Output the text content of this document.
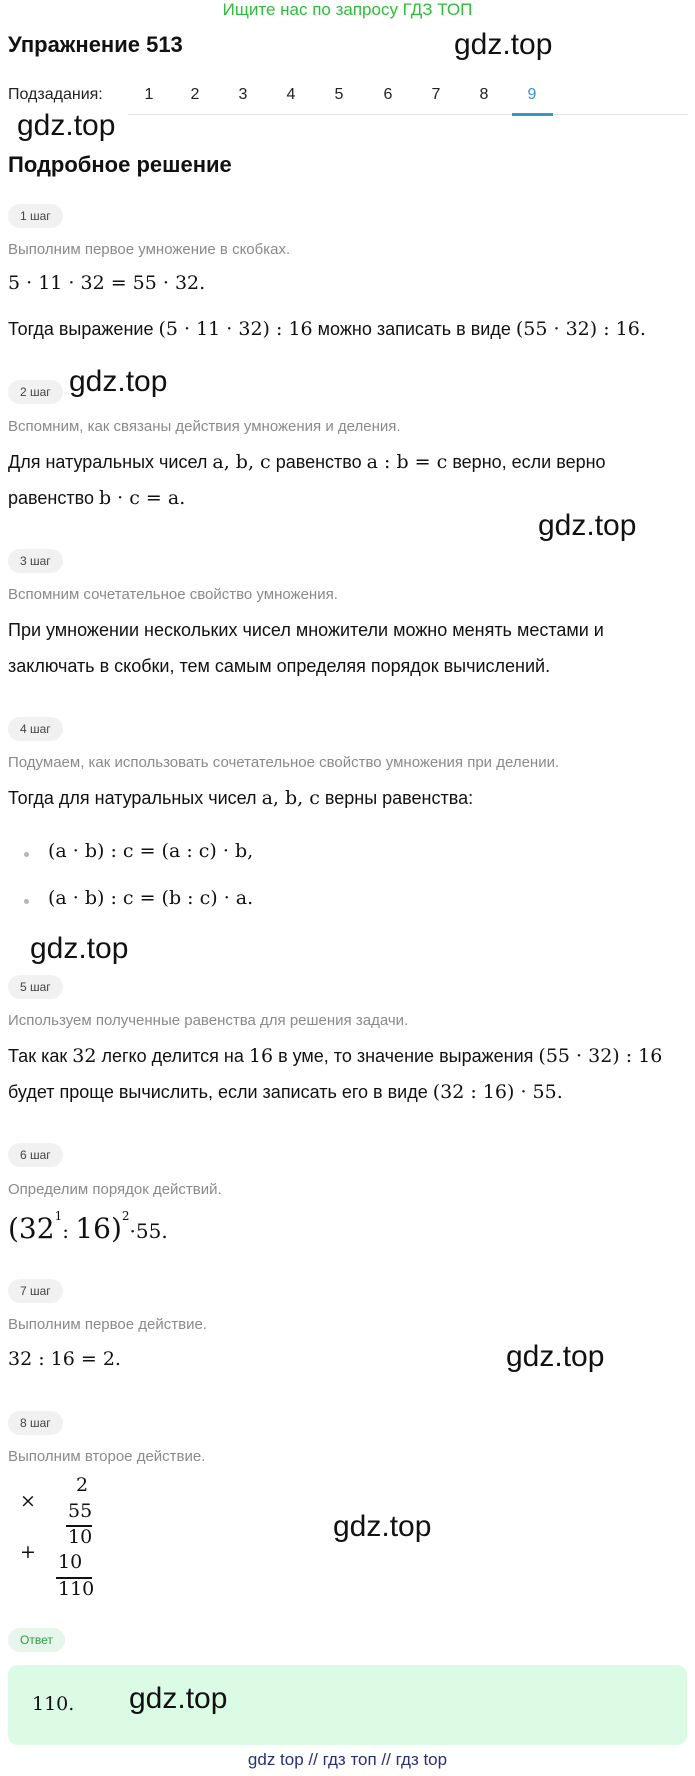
Ищите нас по запросу ГДЗ ТОП
Упражнение 513	gdz.top
Подзадания:	1	2	3	4	5	6	7	8	9
gdz.top
Подробное решение
1 шаг
Выполним первое умножение в скобках.
5 · 11 · 32 = 55 · 32.
Тогда выражение (5 · 11 · 32) : 16 можно записать в виде (55 · 32) : 16.
2 шаг gdz.top
Вспомним, как связаны действия умножения и деления.
Для натуральных чисел a, b, c равенство a : b = c верно, если верно
равенство b · c = a.
gdz.top
3 шаг
Вспомним сочетательное свойство умножения.
При умножении нескольких чисел множители можно менять местами и
заключать в скобки, тем самым определяя порядок вычислений.
4 шаг
Подумаем, как использовать сочетательное свойство умножения при делении.
Тогда для натуральных чисел a, b, c верны равенства:
(a · b) : c = (a : c) · b,
(a · b) : c = (b : c) · a.
gdz.top
5 шаг
Используем полученные равенства для решения задачи.
Так как 32 легко делится на 16 в уме, то значение выражения (55 · 32) : 16
будет проще вычислить, если записать его в виде (32 : 16) · 55.
6 шаг
Определим порядок действий.
($32^1$: 16)$^2$·55.
7 шаг
Выполним первое действие.
32 : 16 = 2.	gdz.top
8 шаг
Выполним второе действие.
×
2
55
10
+ 10
110
gdz.top
Ответ
110. gdz.top
gdz top // гдз топ // гдз top
